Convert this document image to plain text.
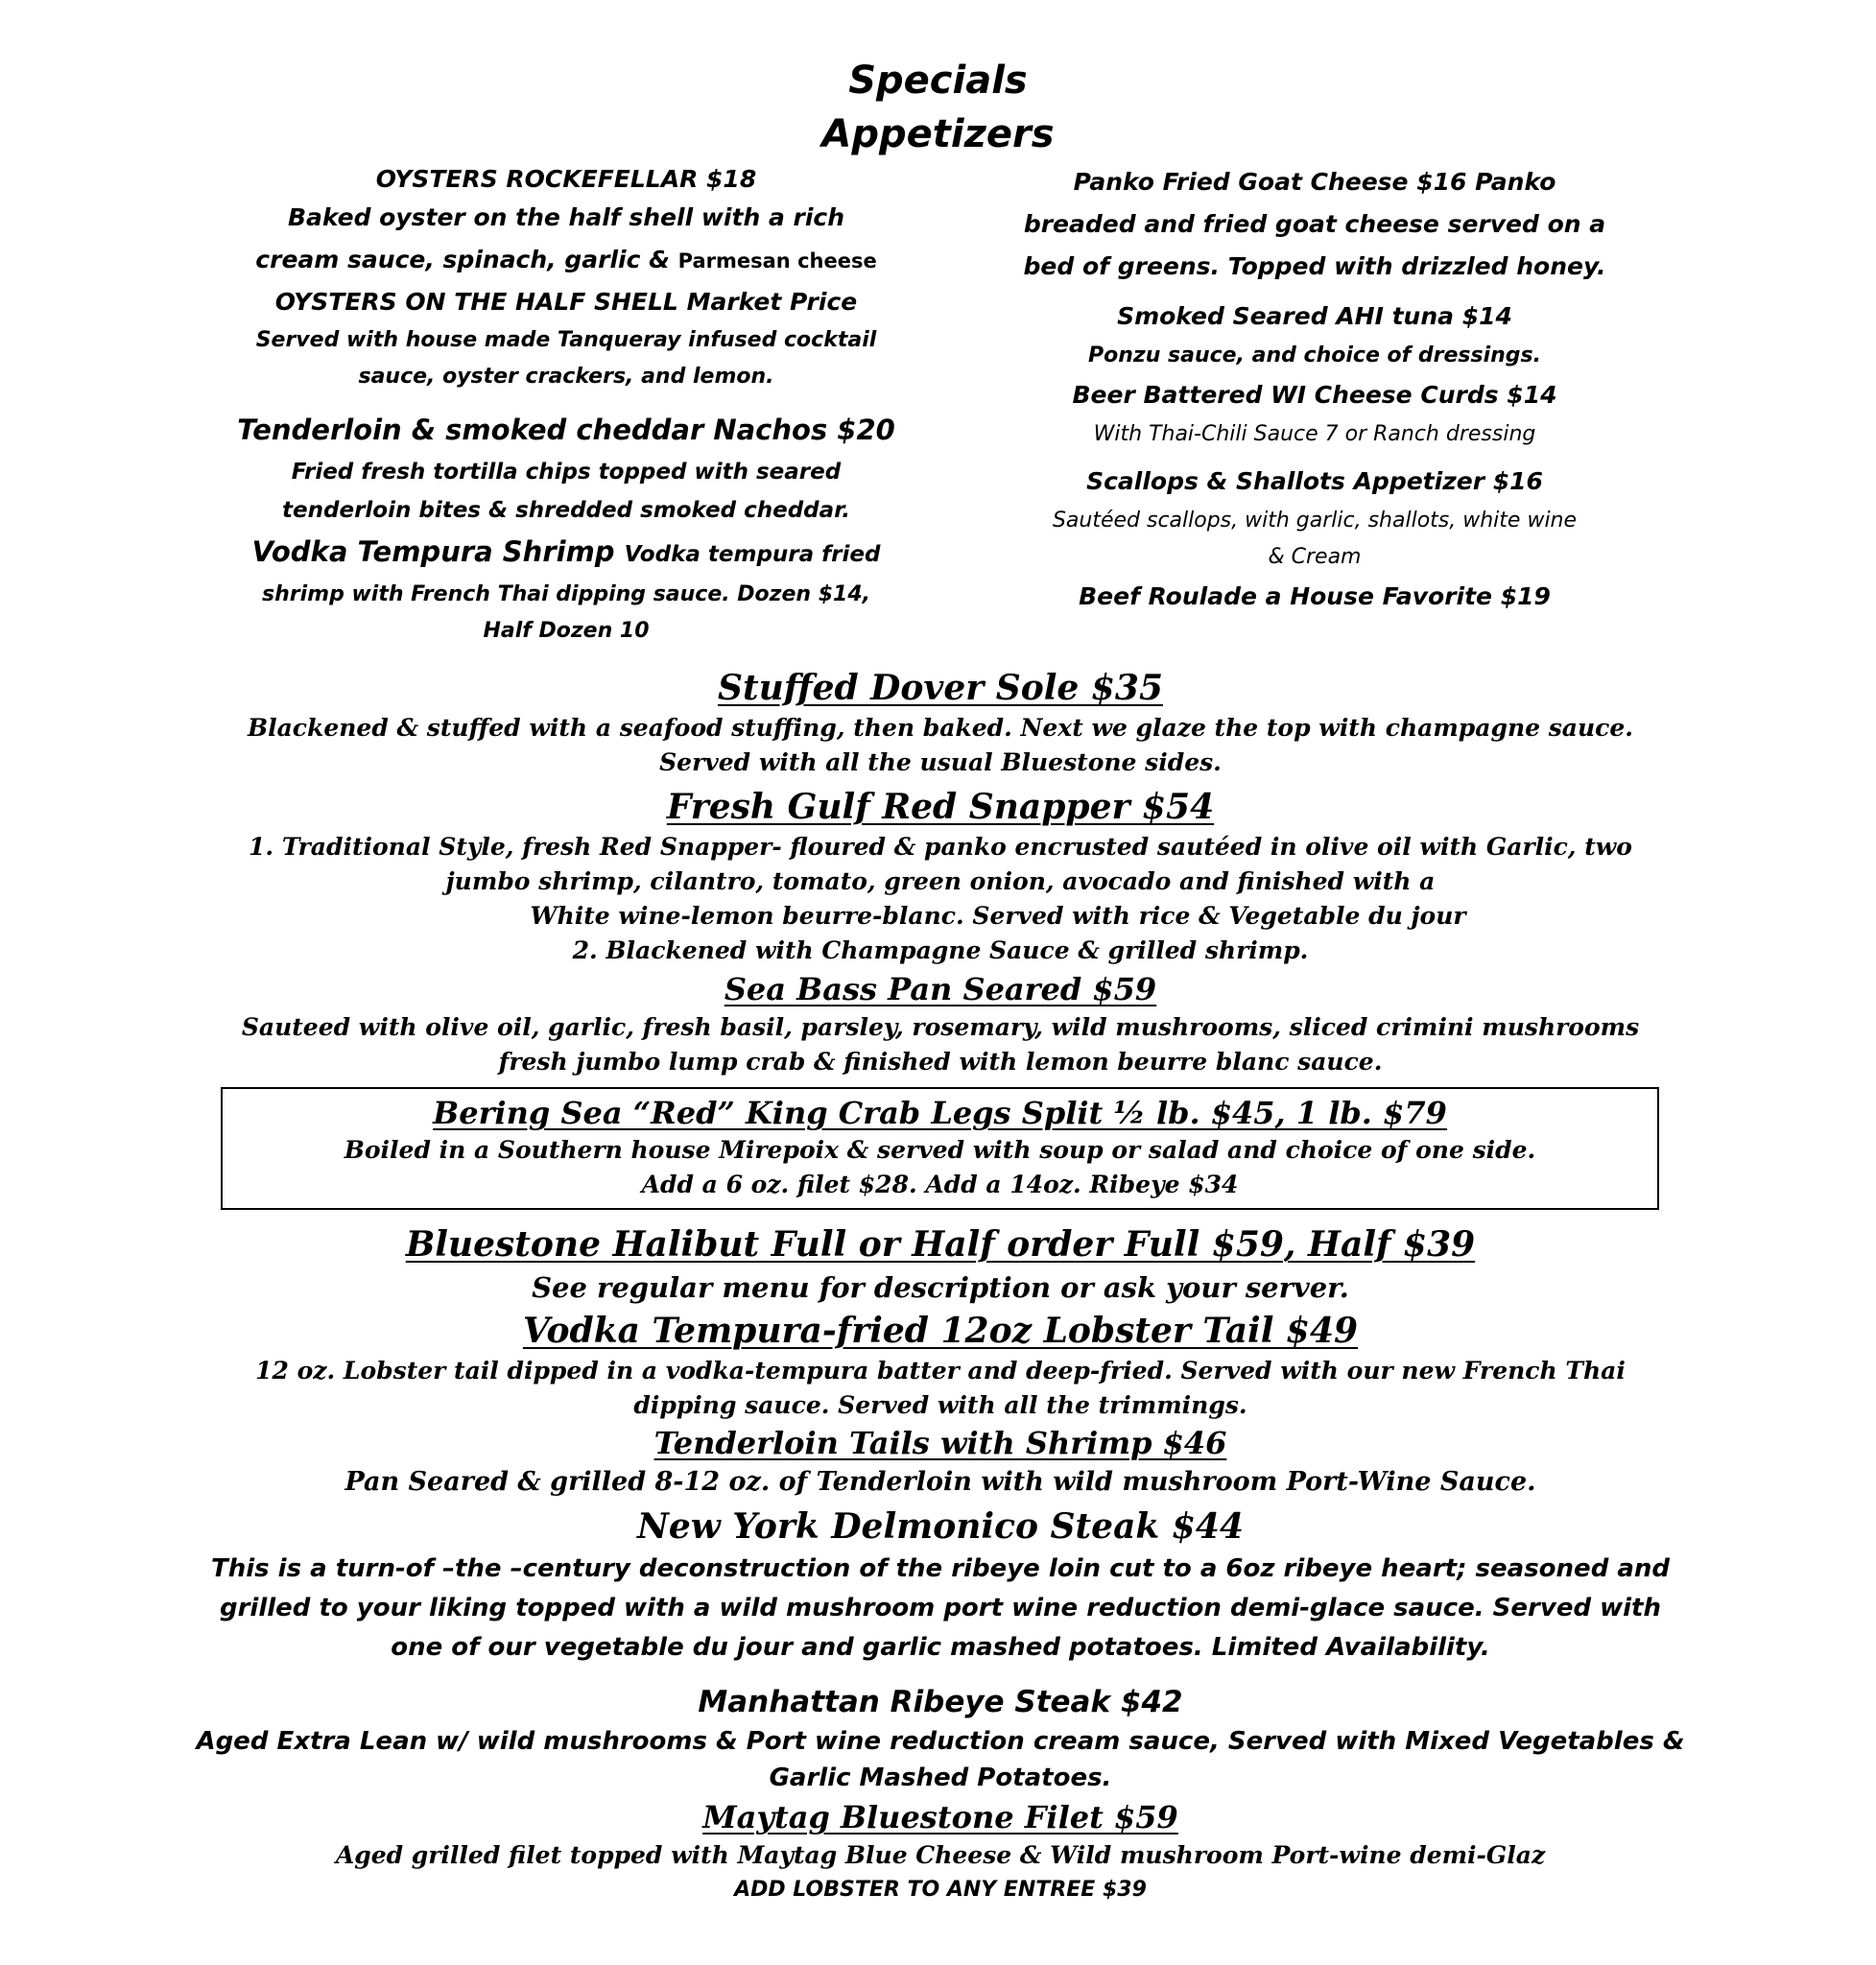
Specials
Appetizers

OYSTERS ROCKEFELLAR $18

Baked oyster on the half shell with a rich

cream sauce, spinach, garlic & Parmesan cheese

OYSTERS ON THE HALF SHELL Market Price

Served with house made Tanqueray infused cocktail

sauce, oyster crackers, and lemon.

Tenderloin & smoked cheddar Nachos $20

Fried fresh tortilla chips topped with seared

tenderloin bites & shredded smoked cheddar.

Vodka Tempura Shrimp Vodka tempura fried

shrimp with French Thai dipping sauce. Dozen $14,

Half Dozen 10

Panko Fried Goat Cheese $16 Panko

breaded and fried goat cheese served on a

bed of greens. Topped with drizzled honey.

Smoked Seared AHI tuna $14

Ponzu sauce, and choice of dressings.

Beer Battered WI Cheese Curds $14

With Thai-Chili Sauce 7 or Ranch dressing

Scallops & Shallots Appetizer $16

Sautéed scallops, with garlic, shallots, white wine

& Cream

Beef Roulade a House Favorite $19

Stuffed Dover Sole $35

Blackened & stuffed with a seafood stuffing, then baked. Next we glaze the top with champagne sauce.

Served with all the usual Bluestone sides.

Fresh Gulf Red Snapper $54

1. Traditional Style, fresh Red Snapper- floured & panko encrusted sautéed in olive oil with Garlic, two

jumbo shrimp, cilantro, tomato, green onion, avocado and finished with a

White wine-lemon beurre-blanc. Served with rice & Vegetable du jour

2. Blackened with Champagne Sauce & grilled shrimp.

Sea Bass Pan Seared $59

Sauteed with olive oil, garlic, fresh basil, parsley, rosemary, wild mushrooms, sliced crimini mushrooms

fresh jumbo lump crab & finished with lemon beurre blanc sauce.

Bering Sea “Red” King Crab Legs Split ½ lb. $45, 1 lb. $79

Boiled in a Southern house Mirepoix & served with soup or salad and choice of one side.

Add a 6 oz. filet $28. Add a 14oz. Ribeye $34

Bluestone Halibut Full or Half order Full $59, Half $39

See regular menu for description or ask your server.

Vodka Tempura-fried 12oz Lobster Tail $49

12 oz. Lobster tail dipped in a vodka-tempura batter and deep-fried. Served with our new French Thai

dipping sauce. Served with all the trimmings.

Tenderloin Tails with Shrimp $46

Pan Seared & grilled 8-12 oz. of Tenderloin with wild mushroom Port-Wine Sauce.

New York Delmonico Steak $44

This is a turn-of –the –century deconstruction of the ribeye loin cut to a 6oz ribeye heart; seasoned and

grilled to your liking topped with a wild mushroom port wine reduction demi-glace sauce. Served with

one of our vegetable du jour and garlic mashed potatoes. Limited Availability.

Manhattan Ribeye Steak $42

Aged Extra Lean w/ wild mushrooms & Port wine reduction cream sauce, Served with Mixed Vegetables &

Garlic Mashed Potatoes.

Maytag Bluestone Filet $59

Aged grilled filet topped with Maytag Blue Cheese & Wild mushroom Port-wine demi-Glaz

ADD LOBSTER TO ANY ENTREE $39
